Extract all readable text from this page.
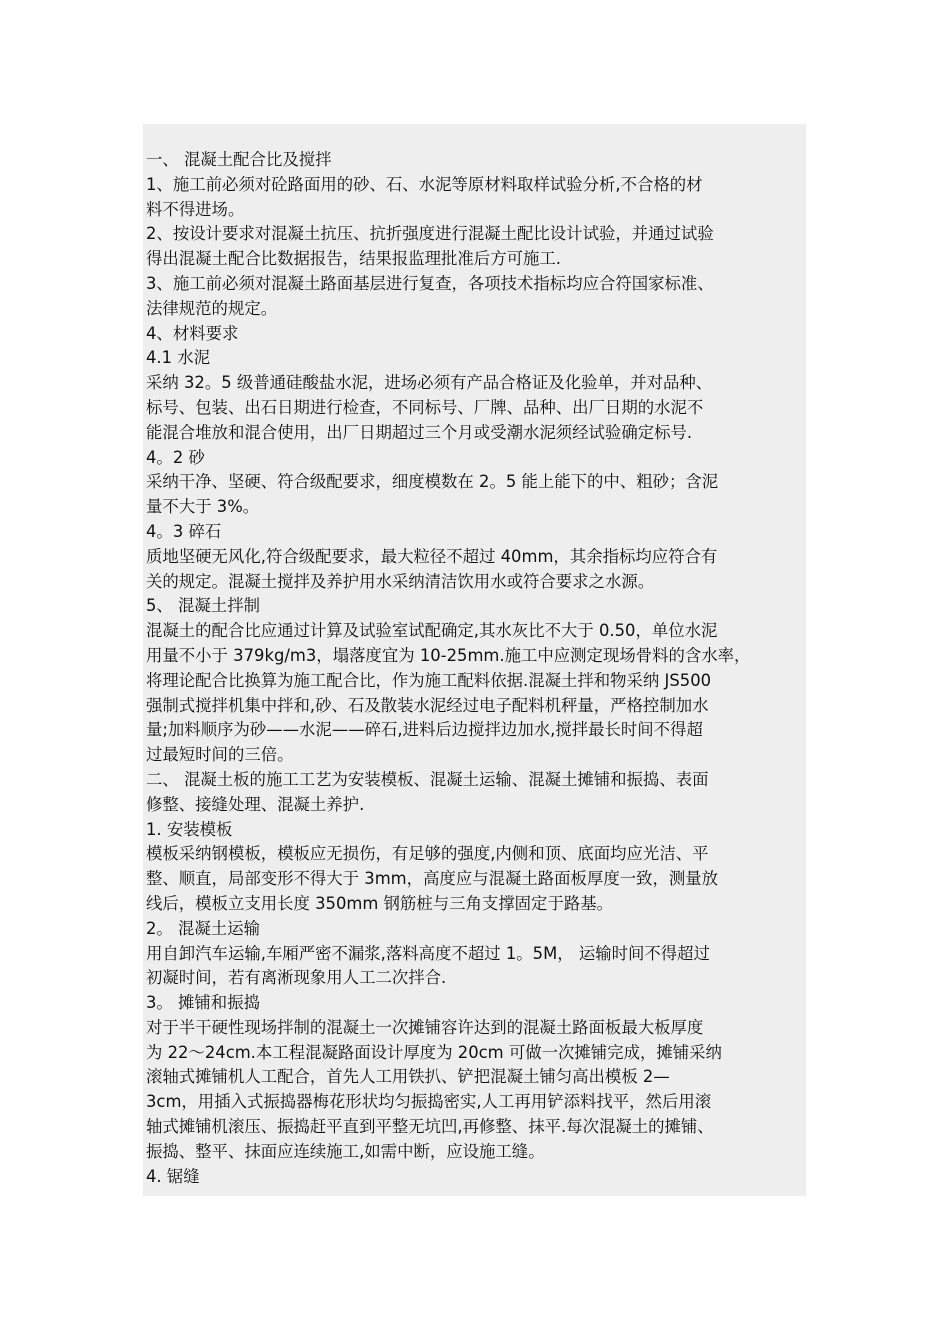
一、 混凝土配合比及搅拌

1、施工前必须对砼路面用的砂、石、水泥等原材料取样试验分析,不合格的材

料不得进场。

2、按设计要求对混凝土抗压、抗折强度进行混凝土配比设计试验，并通过试验

得出混凝土配合比数据报告，结果报监理批准后方可施工.

3、施工前必须对混凝土路面基层进行复查，各项技术指标均应合符国家标准、

法律规范的规定。

4、材料要求

4.1 水泥

采纳 32。5 级普通硅酸盐水泥，进场必须有产品合格证及化验单，并对品种、

标号、包装、出石日期进行检查，不同标号、厂牌、品种、出厂日期的水泥不

能混合堆放和混合使用，出厂日期超过三个月或受潮水泥须经试验确定标号.

4。2 砂

采纳干净、坚硬、符合级配要求，细度模数在 2。5 能上能下的中、粗砂；含泥

量不大于 3%。

4。3 碎石

质地坚硬无风化,符合级配要求，最大粒径不超过 40mm，其余指标均应符合有

关的规定。混凝土搅拌及养护用水采纳清洁饮用水或符合要求之水源。

5、 混凝土拌制

混凝土的配合比应通过计算及试验室试配确定,其水灰比不大于 0.50，单位水泥

用量不小于 379kg/m3，塌落度宜为 10-25mm.施工中应测定现场骨料的含水率，

将理论配合比换算为施工配合比，作为施工配料依据.混凝土拌和物采纳 JS500

强制式搅拌机集中拌和,砂、石及散装水泥经过电子配料机秤量，严格控制加水

量;加料顺序为砂——水泥——碎石,进料后边搅拌边加水,搅拌最长时间不得超

过最短时间的三倍。

二、 混凝土板的施工工艺为安装模板、混凝土运输、混凝土摊铺和振捣、表面

修整、接缝处理、混凝土养护.

1. 安装模板

模板采纳钢模板，模板应无损伤，有足够的强度,内侧和顶、底面均应光洁、平

整、顺直，局部变形不得大于 3mm，高度应与混凝土路面板厚度一致，测量放

线后，模板立支用长度 350mm 钢筋桩与三角支撑固定于路基。

2。 混凝土运输

用自卸汽车运输,车厢严密不漏浆,落料高度不超过 1。5M， 运输时间不得超过

初凝时间，若有离淅现象用人工二次拌合.

3。 摊铺和振捣

对于半干硬性现场拌制的混凝土一次摊铺容许达到的混凝土路面板最大板厚度

为 22～24cm.本工程混凝路面设计厚度为 20cm 可做一次摊铺完成，摊铺采纳

滚轴式摊铺机人工配合，首先人工用铁扒、铲把混凝土铺匀高出模板 2—

3cm，用插入式振捣器梅花形状均匀振捣密实,人工再用铲添料找平，然后用滚

轴式摊铺机滚压、振捣赶平直到平整无坑凹,再修整、抹平.每次混凝土的摊铺、

振捣、整平、抹面应连续施工,如需中断，应设施工缝。

4. 锯缝
